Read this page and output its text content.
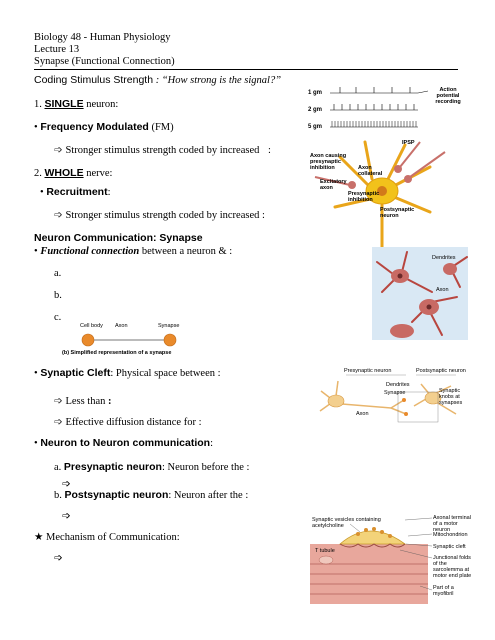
Biology 48 - Human Physiology
Lecture 13
Synapse (Functional Connection)
Coding Stimulus Strength : “How strong is the signal?”
1. SINGLE neuron:
• Frequency Modulated (FM)
➩ Stronger stimulus strength coded by increased :
2. WHOLE nerve:
• Recruitment:
➩ Stronger stimulus strength coded by increased :
Neuron Communication: Synapse
• Functional connection between a neuron & :
a.
b.
c.
• Synaptic Cleft: Physical space between :
➩ Less than :
➩ Effective diffusion distance for :
• Neuron to Neuron communication:
a. Presynaptic neuron: Neuron before the :
➩
b. Postsynaptic neuron: Neuron after the :
➩
★ Mechanism of Communication:
➩
1 gm
2 gm
5 gm
Action potential recording
Axon causing presynaptic inhibition	Axon collateral
Excitatory axon
Presynaptic inhibition
IPSP
Postsynaptic neuron
Dendrites
Axon
Cell body Axon	Synapse
(b) Simplified representation of a synapse
Presynaptic neuron	Postsynaptic neuron
Dendrites
Synapse	Synaptic knobs at synapses
Axon
Synaptic vesicles containing acetylcholine
T tubule
Axonal terminal of a motor neuron
Mitochondrion
Synaptic cleft
Junctional folds of the sarcolemma at motor end plate
Part of a myofibril
